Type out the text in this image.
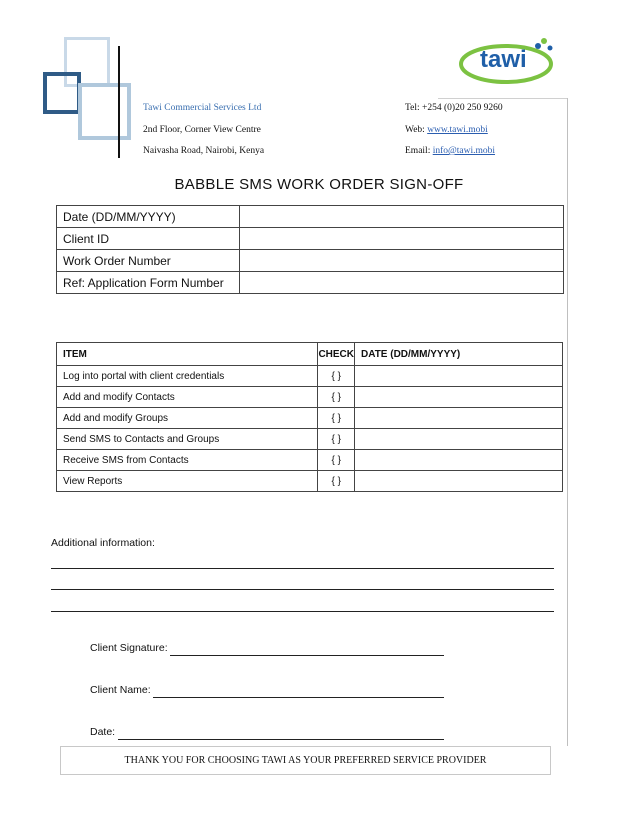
tawi
Tawi Commercial Services Ltd
2nd Floor, Corner View Centre
Naivasha Road, Nairobi, Kenya
Tel: +254 (0)20 250 9260
Web: www.tawi.mobi
Email: info@tawi.mobi
BABBLE SMS WORK ORDER SIGN-OFF
Date (DD/MM/YYYY)	
Client ID	
Work Order Number	
Ref: Application Form Number	
ITEM	CHECK	DATE (DD/MM/YYYY)
Log into portal with client credentials	{ }	
Add and modify Contacts	{ }	
Add and modify Groups	{ }	
Send SMS to Contacts and Groups	{ }	
Receive SMS from Contacts	{ }	
View Reports	{ }	
Additional information:
Client Signature:
Client Name:
Date:
THANK YOU FOR CHOOSING TAWI AS YOUR PREFERRED SERVICE PROVIDER
